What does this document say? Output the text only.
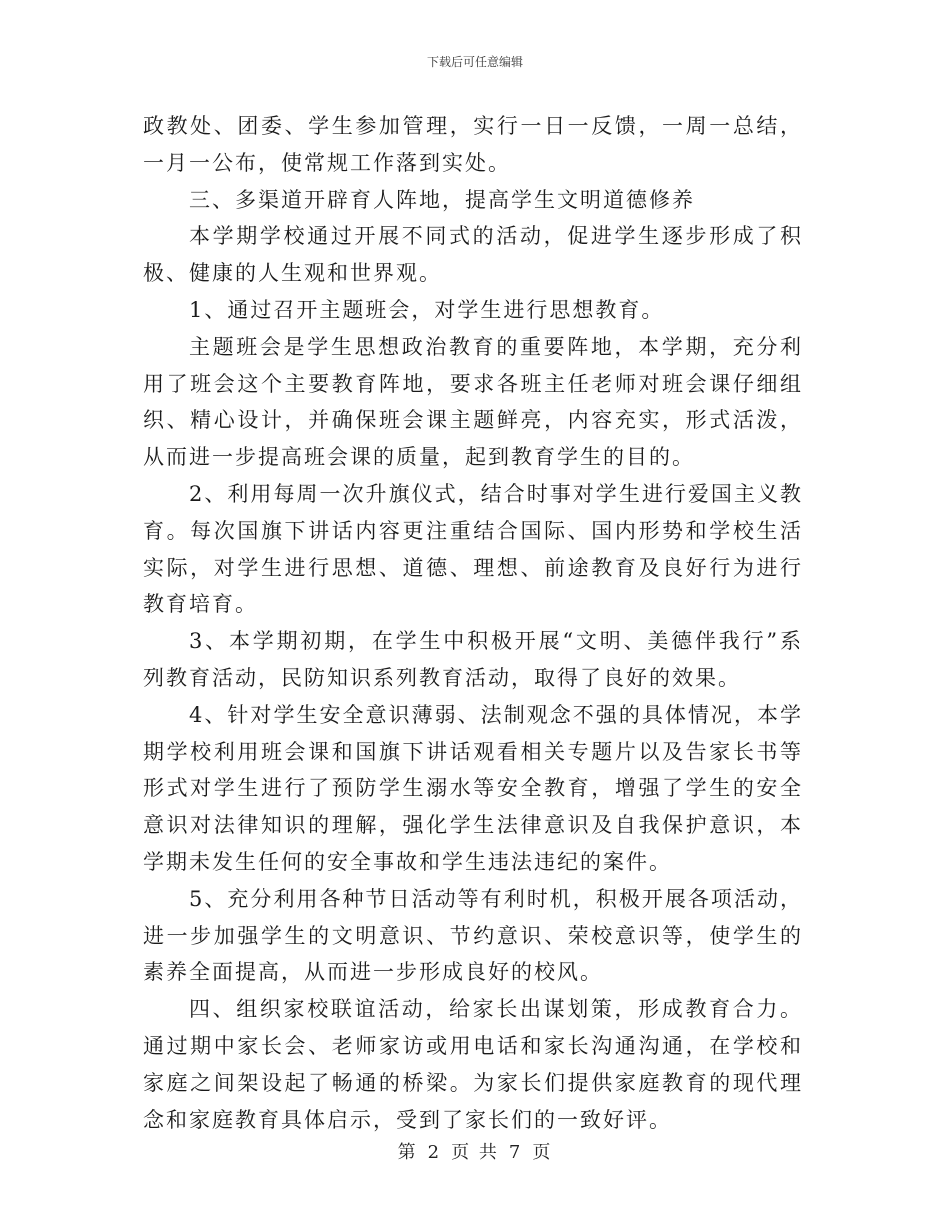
下载后可任意编辑

政教处、团委、学生参加管理，实行一日一反馈，一周一总结，一月一公布，使常规工作落到实处。

三、多渠道开辟育人阵地，提高学生文明道德修养

本学期学校通过开展不同式的活动，促进学生逐步形成了积极、健康的人生观和世界观。

1、通过召开主题班会，对学生进行思想教育。

主题班会是学生思想政治教育的重要阵地，本学期，充分利用了班会这个主要教育阵地，要求各班主任老师对班会课仔细组织、精心设计，并确保班会课主题鲜亮，内容充实，形式活泼，从而进一步提高班会课的质量，起到教育学生的目的。

2、利用每周一次升旗仪式，结合时事对学生进行爱国主义教育。每次国旗下讲话内容更注重结合国际、国内形势和学校生活实际，对学生进行思想、道德、理想、前途教育及良好行为进行教育培育。

3、本学期初期，在学生中积极开展“文明、美德伴我行”系列教育活动，民防知识系列教育活动，取得了良好的效果。

4、针对学生安全意识薄弱、法制观念不强的具体情况，本学期学校利用班会课和国旗下讲话观看相关专题片以及告家长书等形式对学生进行了预防学生溺水等安全教育，增强了学生的安全意识对法律知识的理解，强化学生法律意识及自我保护意识，本学期未发生任何的安全事故和学生违法违纪的案件。

5、充分利用各种节日活动等有利时机，积极开展各项活动，进一步加强学生的文明意识、节约意识、荣校意识等，使学生的素养全面提高，从而进一步形成良好的校风。

四、组织家校联谊活动，给家长出谋划策，形成教育合力。通过期中家长会、老师家访或用电话和家长沟通沟通，在学校和家庭之间架设起了畅通的桥梁。为家长们提供家庭教育的现代理念和家庭教育具体启示，受到了家长们的一致好评。

第 2 页 共 7 页
